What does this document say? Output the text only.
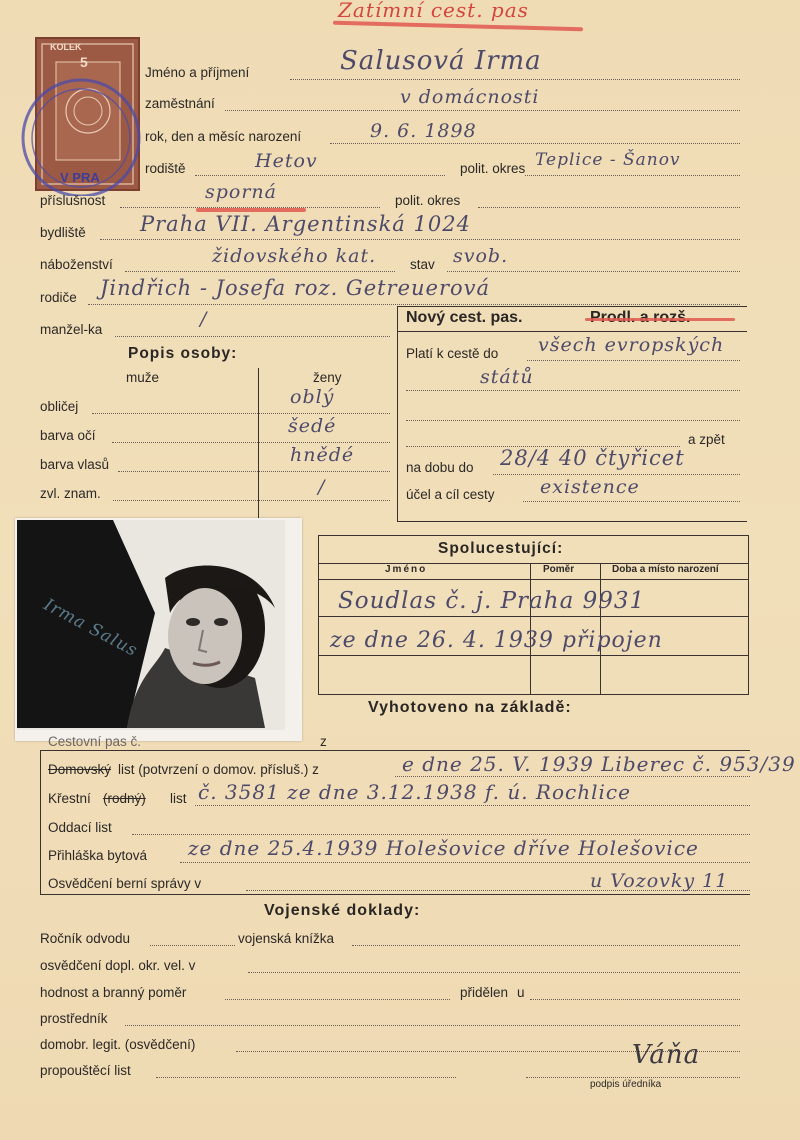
Zatímní cest. pas
KOLEK
5
V PRA
Jméno a příjmení	Salusová Irma
zaměstnání	v domácnosti
rok, den a měsíc narození	9. 6. 1898
rodiště	Hetov	polit. okres Teplice - Šanov
příslušnost	sporná	polit. okres
bydliště	Praha VII. Argentinská 1024
náboženství	židovského kat.	stav svob.
rodiče Jindřich - Josefa roz. Getreuerová
manžel-ka	/	Nový cest. pas.
Platí k cestě do všech evropských
států
a zpět
na dobu do 28/4 40 čtyřicet
účel a cíl cesty existence
Popis osoby:
muže	ženy
obličej	oblý
barva očí	šedé
barva vlasů	hnědé
zvl. znam.	/
Spolucestující:
Jméno	Poměr	Doba a místo narození
Soudlas č. j. Praha 9931
ze dne 26. 4. 1939 připojen
Irma Salus
Vyhotoveno na základě:
Cestovní pas č.	z
Domovský list (potvrzení o domov. přísluš.) z	e dne 25. V. 1939 Liberec č. 953/39
Křestní (rodný) list č. 3581 ze dne 3.12.1938 f. ú. Rochlice
Oddací list
Přihláška bytová ze dne 25.4.1939 Holešovice dříve Holešovice
Osvědčení berní správy v	u Vozovky 11
Vojenské doklady:
Ročník odvodu	vojenská knížka
osvědčení dopl. okr. vel. v
hodnost a branný poměr	přidělen u
prostředník
domobr. legit. (osvědčení)
propouštěcí list
Váňa
podpis úředníka
